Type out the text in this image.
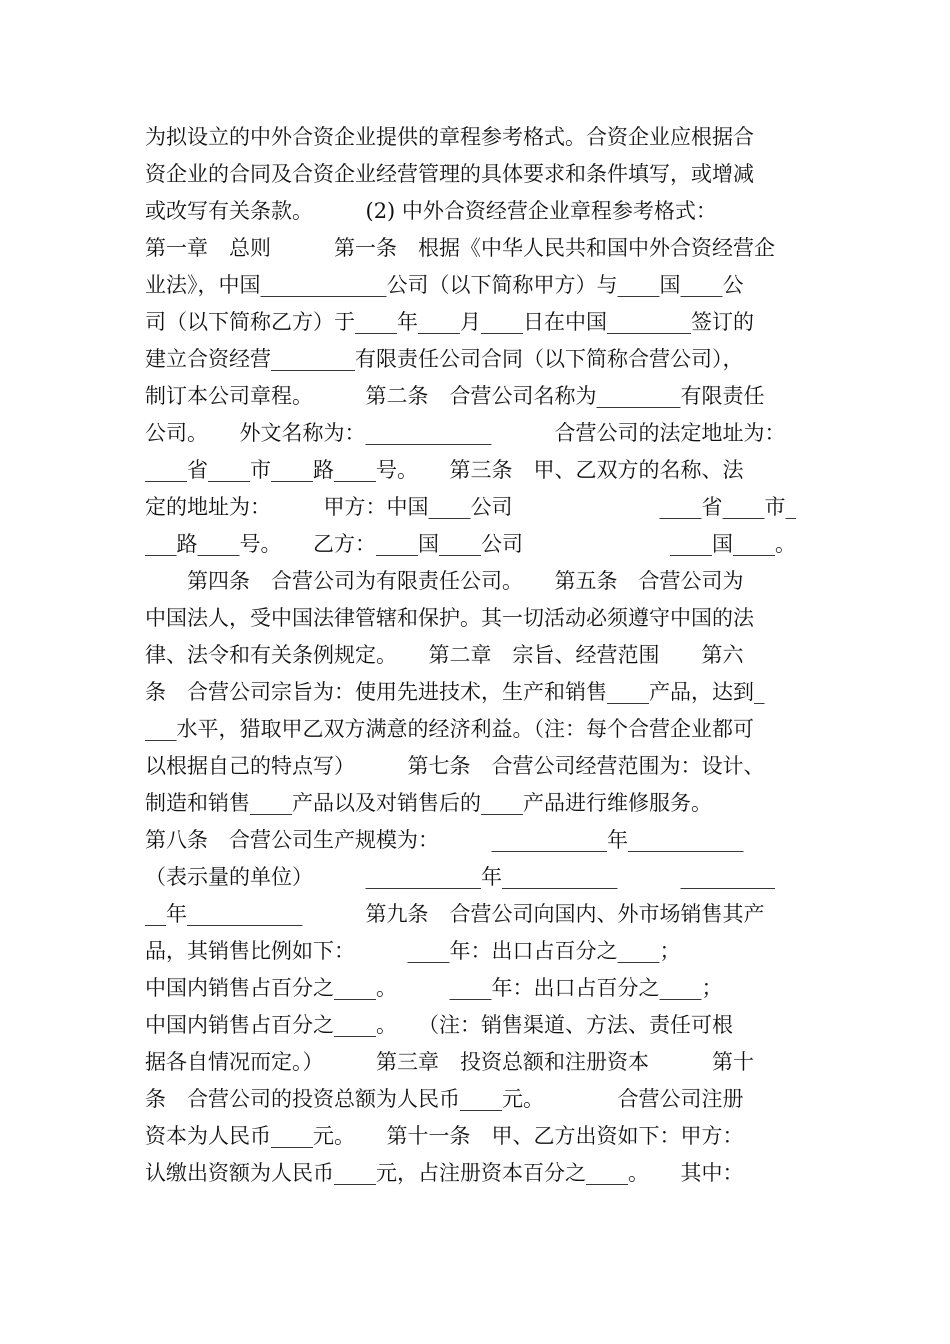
为拟设立的中外合资企业提供的章程参考格式。合资企业应根据合
资企业的合同及合资企业经营管理的具体要求和条件填写，或增减
或改写有关条款。　　　(2) 中外合资经营企业章程参考格式：
第一章　总则　　　第一条　根据《中华人民共和国中外合资经营企
业法》，中国____________公司（以下简称甲方）与____国____公
司（以下简称乙方）于____年____月____日在中国________签订的
建立合资经营________有限责任公司合同（以下简称合营公司），
制订本公司章程。　　　第二条　合营公司名称为________有限责任
公司。　　外文名称为：____________　　　合营公司的法定地址为：
____省____市____路____号。　　第三条　甲、乙双方的名称、法
定的地址为：　　　甲方：中国____公司　　　　　　　____省____市_
___路____号。　　乙方：____国____公司　　　　　　　____国____。
　　第四条　合营公司为有限责任公司。　　第五条　合营公司为
中国法人，受中国法律管辖和保护。其一切活动必须遵守中国的法
律、法令和有关条例规定。　　第二章　宗旨、经营范围　　第六
条　合营公司宗旨为：使用先进技术，生产和销售____产品，达到_
___水平，猎取甲乙双方满意的经济利益。（注：每个合营企业都可
以根据自己的特点写）　　　第七条　合营公司经营范围为：设计、
制造和销售____产品以及对销售后的____产品进行维修服务。
第八条　合营公司生产规模为：　　　___________年___________
（表示量的单位）　　　___________年___________　　　_________
__年___________　　　第九条　合营公司向国内、外市场销售其产
品，其销售比例如下：　　　____年：出口占百分之____；
中国内销售占百分之____。　　　____年：出口占百分之____；
中国内销售占百分之____。　　（注：销售渠道、方法、责任可根
据各自情况而定。）　　　第三章　投资总额和注册资本　　　第十
条　合营公司的投资总额为人民币____元。　　　　合营公司注册
资本为人民币____元。　　第十一条　甲、乙方出资如下：甲方：
认缴出资额为人民币____元，占注册资本百分之____。　　其中：
